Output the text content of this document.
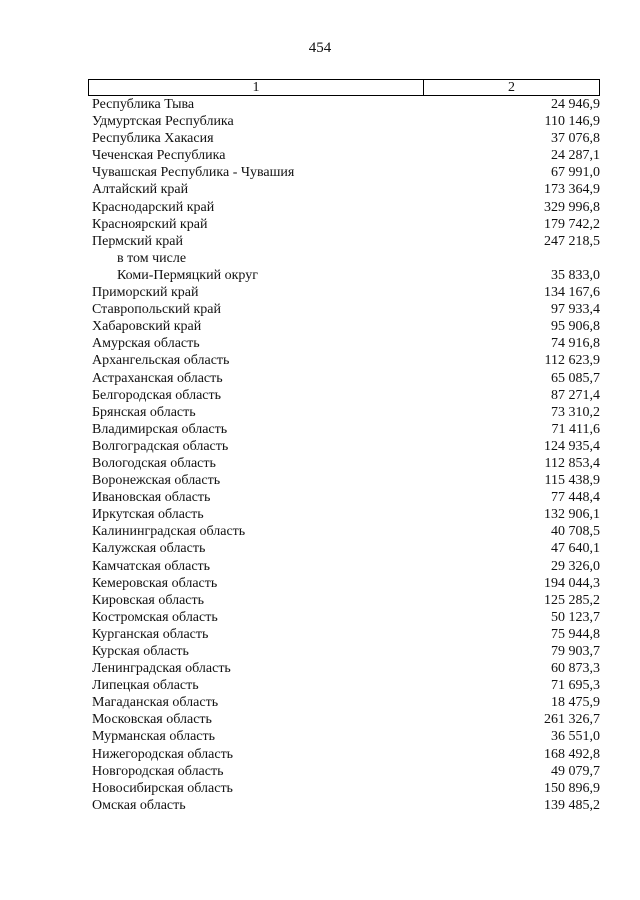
454
1	2
Республика Тыва	24 946,9
Удмуртская Республика	110 146,9
Республика Хакасия	37 076,8
Чеченская Республика	24 287,1
Чувашская Республика - Чувашия	67 991,0
Алтайский край	173 364,9
Краснодарский край	329 996,8
Красноярский край	179 742,2
Пермский край	247 218,5
в том числе
Коми-Пермяцкий округ	35 833,0
Приморский край	134 167,6
Ставропольский край	97 933,4
Хабаровский край	95 906,8
Амурская область	74 916,8
Архангельская область	112 623,9
Астраханская область	65 085,7
Белгородская область	87 271,4
Брянская область	73 310,2
Владимирская область	71 411,6
Волгоградская область	124 935,4
Вологодская область	112 853,4
Воронежская область	115 438,9
Ивановская область	77 448,4
Иркутская область	132 906,1
Калининградская область	40 708,5
Калужская область	47 640,1
Камчатская область	29 326,0
Кемеровская область	194 044,3
Кировская область	125 285,2
Костромская область	50 123,7
Курганская область	75 944,8
Курская область	79 903,7
Ленинградская область	60 873,3
Липецкая область	71 695,3
Магаданская область	18 475,9
Московская область	261 326,7
Мурманская область	36 551,0
Нижегородская область	168 492,8
Новгородская область	49 079,7
Новосибирская область	150 896,9
Омская область	139 485,2
